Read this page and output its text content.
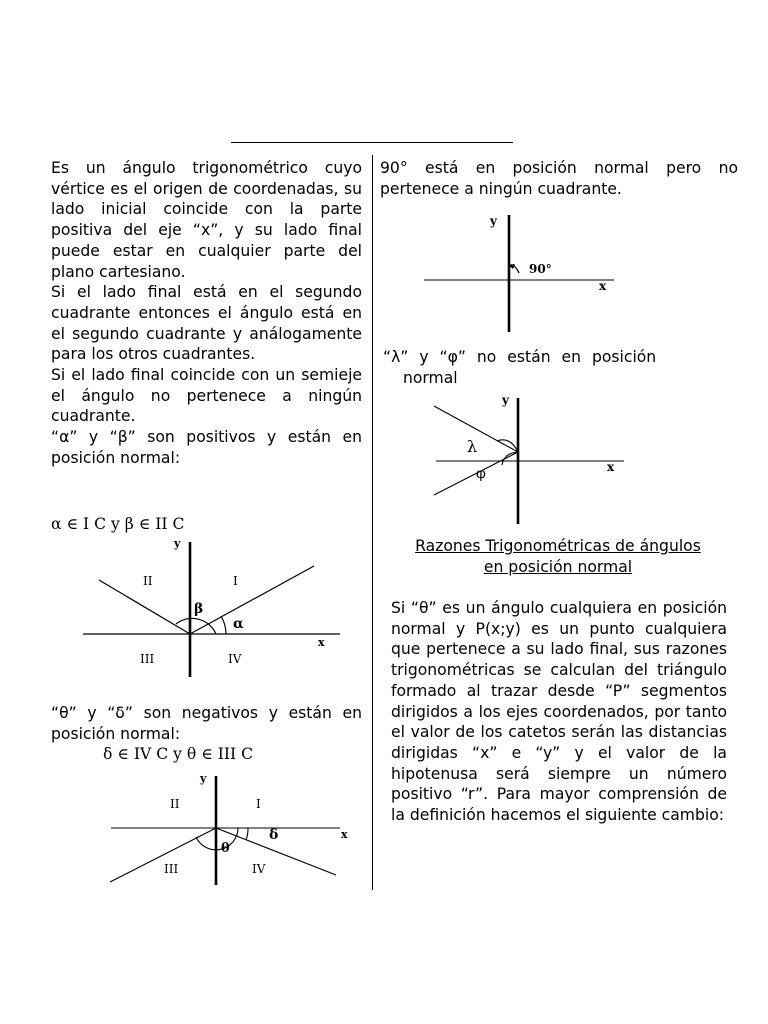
Es un ángulo trigonométrico cuyo vértice es el origen de coordenadas, su lado inicial coincide con la parte positiva del eje “x”, y su lado final puede estar en cualquier parte del plano cartesiano.
Si el lado final está en el segundo cuadrante entonces el ángulo está en el segundo cuadrante y análogamente para los otros cuadrantes.
Si el lado final coincide con un semieje el ángulo no pertenece a ningún cuadrante.
“α” y “β” son positivos y están en posición normal:

α ∈ I C y β ∈ II C
y
x
I
II
III	IV
α
β

“θ” y “δ” son negativos y están en posición normal:

δ ∈ IV C y θ ∈ III C
y
x
I
II
III	IV
δ
θ

90° está en posición normal pero no pertenece a ningún cuadrante.

y
x
90°
“λ” y “φ” no están en posición
normal
y
x
λ
φ
Razones Trigonométricas de ángulos
en posición normal

Si “θ” es un ángulo cualquiera en posición normal y P(x;y) es un punto cualquiera que pertenece a su lado final, sus razones trigonométricas se calculan del triángulo formado al trazar desde “P” segmentos dirigidos a los ejes coordenados, por tanto el valor de los catetos serán las distancias dirigidas “x” e “y” y el valor de la hipotenusa será siempre un número positivo “r”. Para mayor comprensión de la definición hacemos el siguiente cambio:
